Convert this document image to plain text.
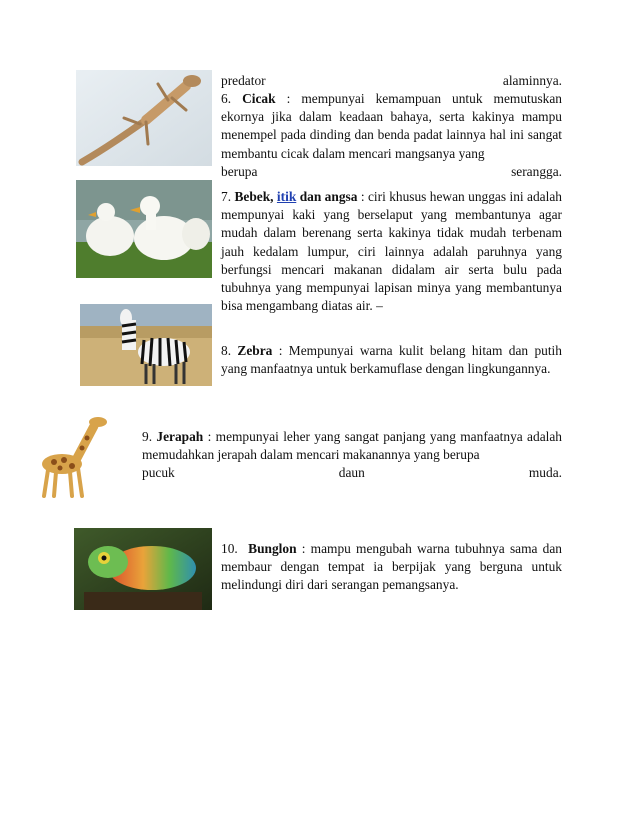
predator	alaminnya.
6. Cicak : mempunyai kemampuan untuk memutuskan ekornya jika dalam keadaan bahaya, serta kakinya mampu menempel pada dinding dan benda padat lainnya hal ini sangat membantu cicak dalam mencari mangsanya yang
berupa	serangga.
7. Bebek, itik dan angsa : ciri khusus hewan unggas ini adalah mempunyai kaki yang berselaput yang membantunya agar mudah dalam berenang serta kakinya tidak mudah terbenam jauh kedalam lumpur, ciri lainnya adalah paruhnya yang berfungsi mencari makanan didalam air serta bulu pada tubuhnya yang mempunyai lapisan minya yang membantunya bisa mengambang diatas air. –
8. Zebra : Mempunyai warna kulit belang hitam dan putih yang manfaatnya untuk berkamuflase dengan lingkungannya.
9. Jerapah : mempunyai leher yang sangat panjang yang manfaatnya adalah memudahkan jerapah dalam mencari makanannya yang berupa
pucuk	daun	muda.
10. Bunglon : mampu mengubah warna tubuhnya sama dan membaur dengan tempat ia berpijak yang berguna untuk melindungi diri dari serangan pemangsanya.
